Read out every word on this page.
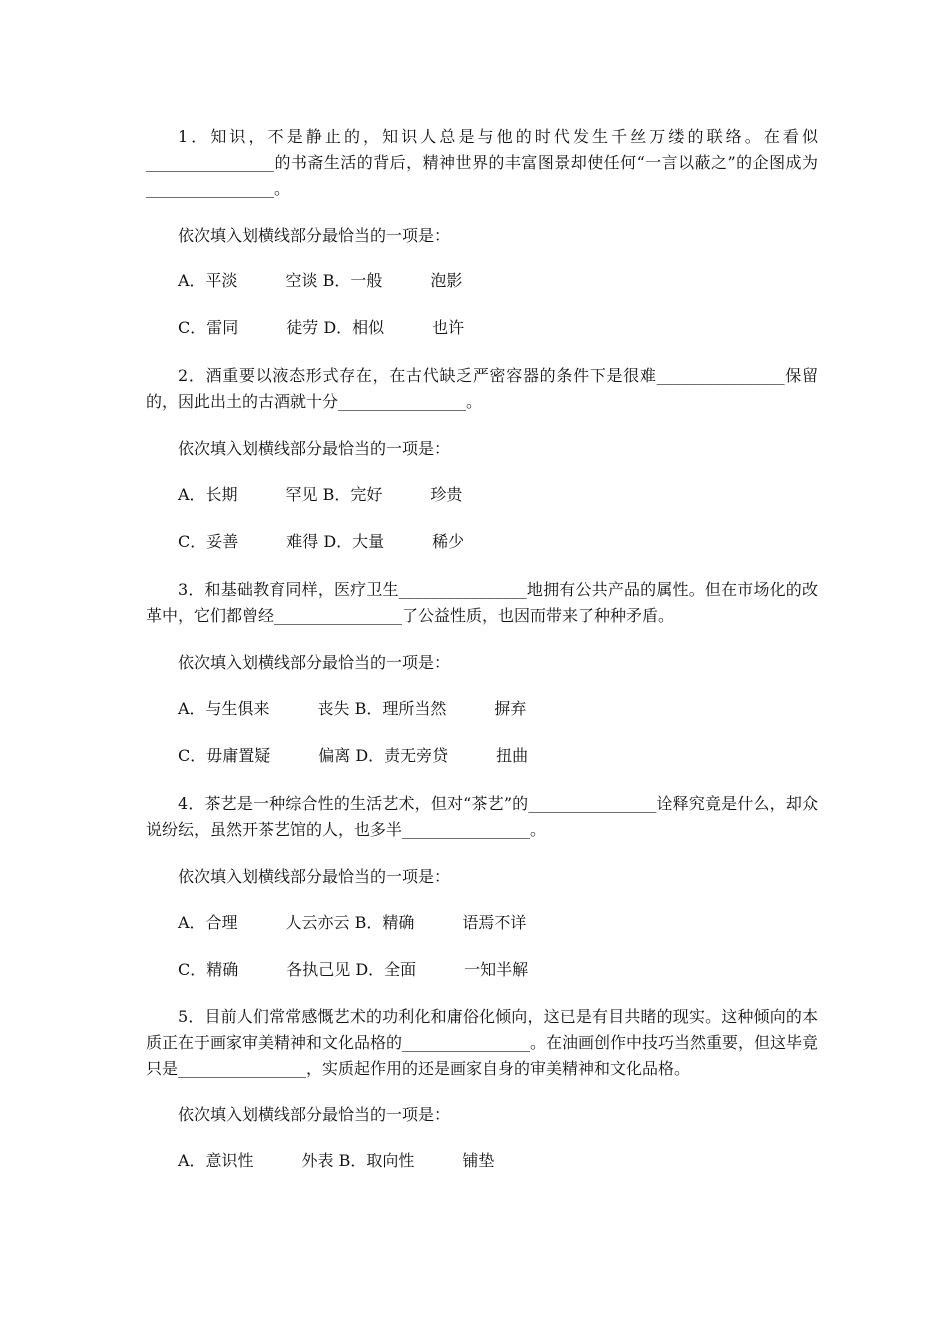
1．知识，不是静止的，知识人总是与他的时代发生千丝万缕的联络。在看似________________的书斋生活的背后，精神世界的丰富图景却使任何“一言以蔽之”的企图成为________________。

依次填入划横线部分最恰当的一项是：

A．平淡　　　空谈 B．一般　　　泡影

C．雷同　　　徒劳 D．相似　　　也许

2．酒重要以液态形式存在，在古代缺乏严密容器的条件下是很难________________保留的，因此出土的古酒就十分________________。

依次填入划横线部分最恰当的一项是：

A．长期　　　罕见 B．完好　　　珍贵

C．妥善　　　难得 D．大量　　　稀少

3．和基础教育同样，医疗卫生________________地拥有公共产品的属性。但在市场化的改革中，它们都曾经________________了公益性质，也因而带来了种种矛盾。

依次填入划横线部分最恰当的一项是：

A．与生俱来　　　丧失 B．理所当然　　　摒弃

C．毋庸置疑　　　偏离 D．责无旁贷　　　扭曲

4．茶艺是一种综合性的生活艺术，但对“茶艺”的________________诠释究竟是什么，却众说纷纭，虽然开茶艺馆的人，也多半________________。

依次填入划横线部分最恰当的一项是：

A．合理　　　人云亦云 B．精确　　　语焉不详

C．精确　　　各执己见 D．全面　　　一知半解

5．目前人们常常感慨艺术的功利化和庸俗化倾向，这已是有目共睹的现实。这种倾向的本质正在于画家审美精神和文化品格的________________。在油画创作中技巧当然重要，但这毕竟只是________________，实质起作用的还是画家自身的审美精神和文化品格。

依次填入划横线部分最恰当的一项是：

A．意识性　　　外表 B．取向性　　　铺垫
